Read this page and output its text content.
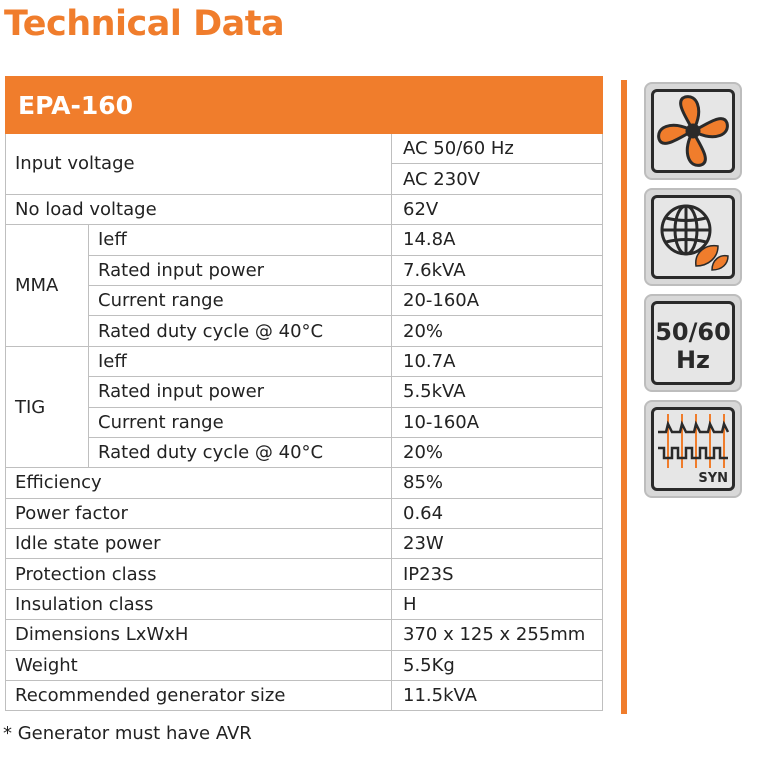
Technical Data
EPA-160		
Input voltage		AC 50/60 Hz
		AC 230V
No load voltage		62V
MMA	Ieff	14.8A
	Rated input power	7.6kVA
	Current range	20-160A
	Rated duty cycle @ 40°C	20%
TIG	Ieff	10.7A
	Rated input power	5.5kVA
	Current range	10-160A
	Rated duty cycle @ 40°C	20%
Efficiency		85%
Power factor		0.64
Idle state power		23W
Protection class		IP23S
Insulation class		H
Dimensions LxWxH		370 x 125 x 255mm
Weight		5.5Kg
Recommended generator size		11.5kVA
* Generator must have AVR
50/60
Hz
SYN
